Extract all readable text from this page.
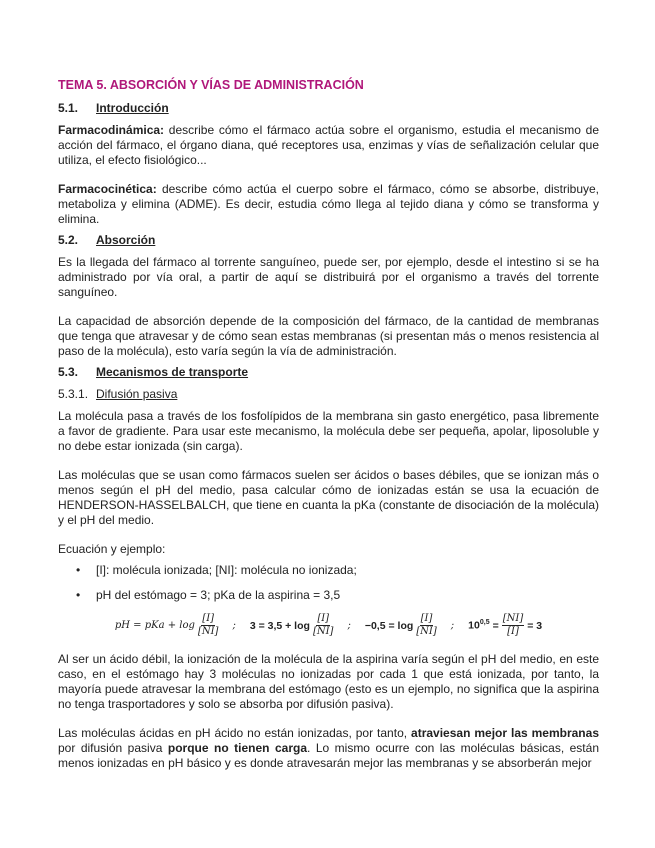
TEMA 5. ABSORCIÓN Y VÍAS DE ADMINISTRACIÓN
5.1.	Introducción

Farmacodinámica: describe cómo el fármaco actúa sobre el organismo, estudia el mecanismo de acción del fármaco, el órgano diana, qué receptores usa, enzimas y vías de señalización celular que utiliza, el efecto fisiológico...

Farmacocinética: describe cómo actúa el cuerpo sobre el fármaco, cómo se absorbe, distribuye, metaboliza y elimina (ADME). Es decir, estudia cómo llega al tejido diana y cómo se transforma y elimina.

5.2.	Absorción

Es la llegada del fármaco al torrente sanguíneo, puede ser, por ejemplo, desde el intestino si se ha administrado por vía oral, a partir de aquí se distribuirá por el organismo a través del torrente sanguíneo.

La capacidad de absorción depende de la composición del fármaco, de la cantidad de membranas que tenga que atravesar y de cómo sean estas membranas (si presentan más o menos resistencia al paso de la molécula), esto varía según la vía de administración.

5.3.	Mecanismos de transporte
5.3.1. Difusión pasiva

La molécula pasa a través de los fosfolípidos de la membrana sin gasto energético, pasa libremente a favor de gradiente. Para usar este mecanismo, la molécula debe ser pequeña, apolar, liposoluble y no debe estar ionizada (sin carga).

Las moléculas que se usan como fármacos suelen ser ácidos o bases débiles, que se ionizan más o menos según el pH del medio, pasa calcular cómo de ionizadas están se usa la ecuación de HENDERSON-HASSELBALCH, que tiene en cuanta la pKa (constante de disociación de la molécula) y el pH del medio.

Ecuación y ejemplo:

•	[I]: molécula ionizada; [NI]: molécula no ionizada;
•	pH del estómago = 3; pKa de la aspirina = 3,5
pH = pKa + $\log \frac{[I]}{[NI]}$ ; $3 = 3,5 + \log \frac{[I]}{[NI]}$ ; $-0,5 = \log \frac{[I]}{[NI]}$ ; $10^{0,5} = \frac{[NI]}{[I]} = 3$

Al ser un ácido débil, la ionización de la molécula de la aspirina varía según el pH del medio, en este caso, en el estómago hay 3 moléculas no ionizadas por cada 1 que está ionizada, por tanto, la mayoría puede atravesar la membrana del estómago (esto es un ejemplo, no significa que la aspirina no tenga trasportadores y solo se absorba por difusión pasiva).

Las moléculas ácidas en pH ácido no están ionizadas, por tanto, atraviesan mejor las membranas por difusión pasiva porque no tienen carga. Lo mismo ocurre con las moléculas básicas, están menos ionizadas en pH básico y es donde atravesarán mejor las membranas y se absorberán mejor
